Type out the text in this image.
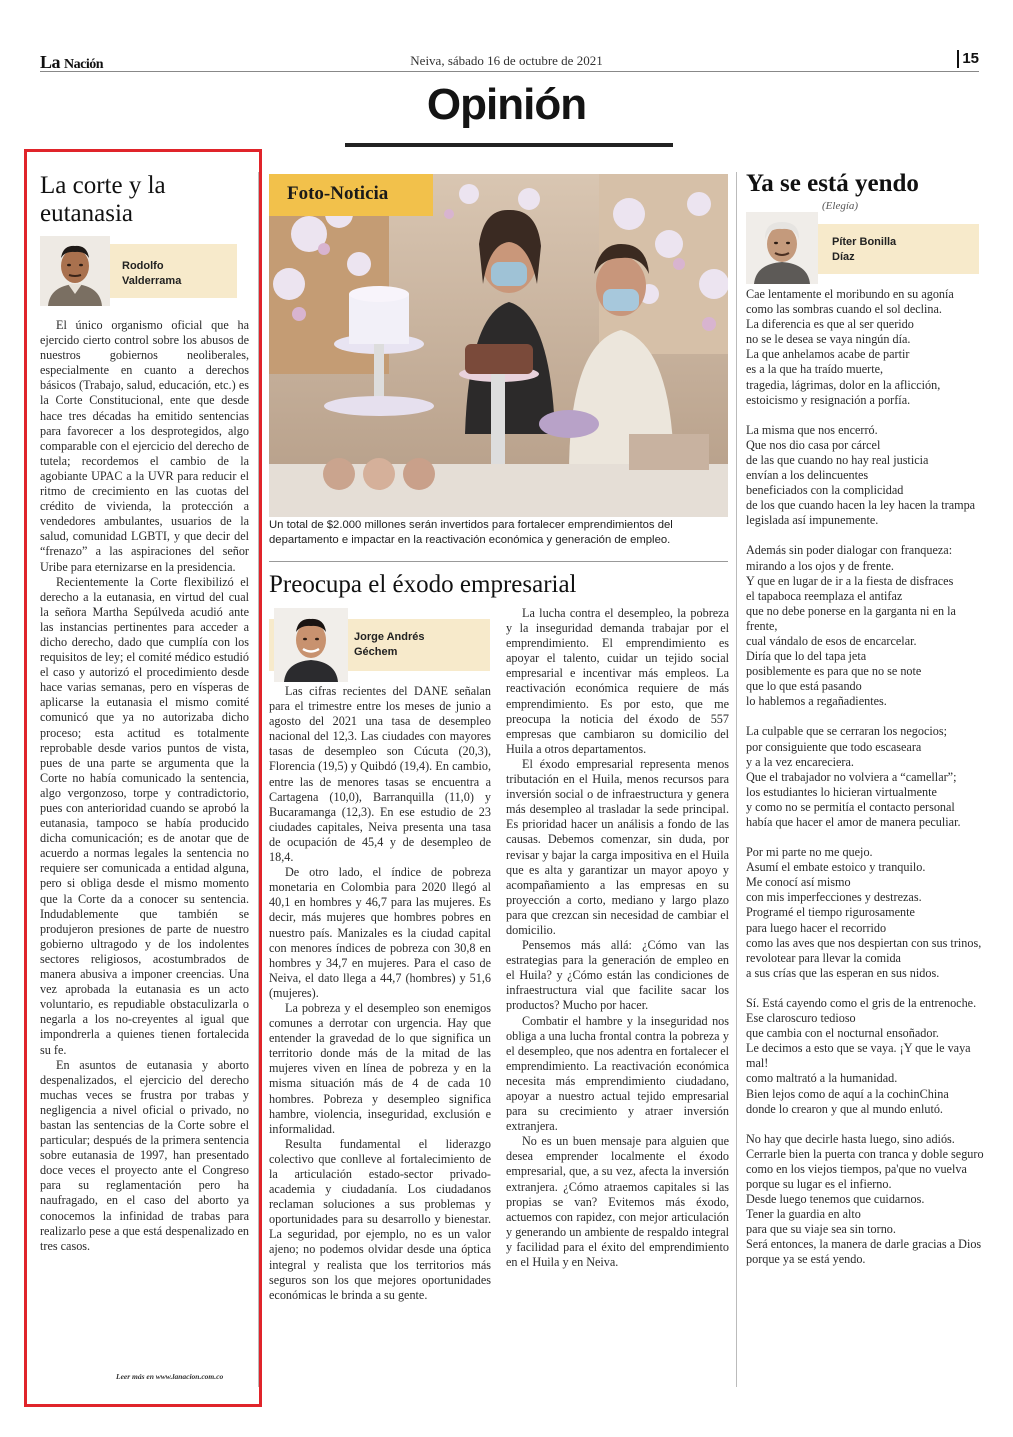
La Nación	Neiva, sábado 16 de octubre de 2021	15
Opinión
La corte y la eutanasia
Rodolfo
Valderrama

El único organismo oficial que ha ejercido cierto control sobre los abusos de nuestros gobiernos neoliberales, especialmente en cuanto a derechos básicos (Trabajo, salud, educación, etc.) es la Corte Constitucional, ente que desde hace tres décadas ha emitido sentencias para favorecer a los desprotegidos, algo comparable con el ejercicio del derecho de tutela; recordemos el cambio de la agobiante UPAC a la UVR para reducir el ritmo de crecimiento en las cuotas del crédito de vivienda, la protección a vendedores ambulantes, usuarios de la salud, comunidad LGBTI, y que decir del “frenazo” a las aspiraciones del señor Uribe para eternizarse en la presidencia.

Recientemente la Corte flexibilizó el derecho a la eutanasia, en virtud del cual la señora Martha Sepúlveda acudió ante las instancias pertinentes para acceder a dicho derecho, dado que cumplía con los requisitos de ley; el comité médico estudió el caso y autorizó el procedimiento desde hace varias semanas, pero en vísperas de aplicarse la eutanasia el mismo comité comunicó que ya no autorizaba dicho proceso; esta actitud es totalmente reprobable desde varios puntos de vista, pues de una parte se argumenta que la Corte no había comunicado la sentencia, algo vergonzoso, torpe y contradictorio, pues con anterioridad cuando se aprobó la eutanasia, tampoco se había producido dicha comunicación; es de anotar que de acuerdo a normas legales la sentencia no requiere ser comunicada a entidad alguna, pero si obliga desde el mismo momento que la Corte da a conocer su sentencia. Indudablemente que también se produjeron presiones de parte de nuestro gobierno ultragodo y de los indolentes sectores religiosos, acostumbrados de manera abusiva a imponer creencias. Una vez aprobada la eutanasia es un acto voluntario, es repudiable obstaculizarla o negarla a los no-creyentes al igual que impondrerla a quienes tienen fortalecida su fe.

En asuntos de eutanasia y aborto despenalizados, el ejercicio del derecho muchas veces se frustra por trabas y negligencia a nivel oficial o privado, no bastan las sentencias de la Corte sobre el particular; después de la primera sentencia sobre eutanasia de 1997, han presentado doce veces el proyecto ante el Congreso para su reglamentación pero ha naufragado, en el caso del aborto ya conocemos la infinidad de trabas para realizarlo pese a que está despenalizado en tres casos.

Leer más en www.lanacion.com.co
Foto-Noticia
Un total de $2.000 millones serán invertidos para fortalecer emprendimientos del departamento e impactar en la reactivación económica y generación de empleo.
Preocupa el éxodo empresarial
Jorge Andrés
Géchem

Las cifras recientes del DANE señalan para el trimestre entre los meses de junio a agosto del 2021 una tasa de desempleo nacional del 12,3. Las ciudades con mayores tasas de desempleo son Cúcuta (20,3), Florencia (19,5) y Quibdó (19,4). En cambio, entre las de menores tasas se encuentra a Cartagena (10,0), Barranquilla (11,0) y Bucaramanga (12,3). En ese estudio de 23 ciudades capitales, Neiva presenta una tasa de ocupación de 45,4 y de desempleo de 18,4.

De otro lado, el índice de pobreza monetaria en Colombia para 2020 llegó al 40,1 en hombres y 46,7 para las mujeres. Es decir, más mujeres que hombres pobres en nuestro país. Manizales es la ciudad capital con menores índices de pobreza con 30,8 en hombres y 34,7 en mujeres. Para el caso de Neiva, el dato llega a 44,7 (hombres) y 51,6 (mujeres).

La pobreza y el desempleo son enemigos comunes a derrotar con urgencia. Hay que entender la gravedad de lo que significa un territorio donde más de la mitad de las mujeres viven en línea de pobreza y en la misma situación más de 4 de cada 10 hombres. Pobreza y desempleo significa hambre, violencia, inseguridad, exclusión e informalidad.

Resulta fundamental el liderazgo colectivo que conlleve al fortalecimiento de la articulación estado-sector privado-academia y ciudadanía. Los ciudadanos reclaman soluciones a sus problemas y oportunidades para su desarrollo y bienestar. La seguridad, por ejemplo, no es un valor ajeno; no podemos olvidar desde una óptica integral y realista que los territorios más seguros son los que mejores oportunidades económicas le brinda a su gente.

La lucha contra el desempleo, la pobreza y la inseguridad demanda trabajar por el emprendimiento. El emprendimiento es apoyar el talento, cuidar un tejido social empresarial e incentivar más empleos. La reactivación económica requiere de más emprendimiento. Es por esto, que me preocupa la noticia del éxodo de 557 empresas que cambiaron su domicilio del Huila a otros departamentos.

El éxodo empresarial representa menos tributación en el Huila, menos recursos para inversión social o de infraestructura y genera más desempleo al trasladar la sede principal. Es prioridad hacer un análisis a fondo de las causas. Debemos comenzar, sin duda, por revisar y bajar la carga impositiva en el Huila que es alta y garantizar un mayor apoyo y acompañamiento a las empresas en su proyección a corto, mediano y largo plazo para que crezcan sin necesidad de cambiar el domicilio.

Pensemos más allá: ¿Cómo van las estrategias para la generación de empleo en el Huila? y ¿Cómo están las condiciones de infraestructura vial que facilite sacar los productos? Mucho por hacer.

Combatir el hambre y la inseguridad nos obliga a una lucha frontal contra la pobreza y el desempleo, que nos adentra en fortalecer el emprendimiento. La reactivación económica necesita más emprendimiento ciudadano, apoyar a nuestro actual tejido empresarial para su crecimiento y atraer inversión extranjera.

No es un buen mensaje para alguien que desea emprender localmente el éxodo empresarial, que, a su vez, afecta la inversión extranjera. ¿Cómo atraemos capitales si las propias se van? Evitemos más éxodo, actuemos con rapidez, con mejor articulación y generando un ambiente de respaldo integral y facilidad para el éxito del emprendimiento en el Huila y en Neiva.

Ya se está yendo
(Elegía)
Píter Bonilla
Díaz
Cae lentamente el moribundo en su agonía
como las sombras cuando el sol declina.
La diferencia es que al ser querido
no se le desea se vaya ningún día.
La que anhelamos acabe de partir
es a la que ha traído muerte,
tragedia, lágrimas, dolor en la aflicción,
estoicismo y resignación a porfía.
La misma que nos encerró.
Que nos dio casa por cárcel
de las que cuando no hay real justicia
envían a los delincuentes
beneficiados con la complicidad
de los que cuando hacen la ley hacen la trampa
legislada así impunemente.
Además sin poder dialogar con franqueza:
mirando a los ojos y de frente.
Y que en lugar de ir a la fiesta de disfraces
el tapaboca reemplaza el antifaz
que no debe ponerse en la garganta ni en la frente,
cual vándalo de esos de encarcelar.
Diría que lo del tapa jeta
posiblemente es para que no se note
que lo que está pasando
lo hablemos a regañadientes.
La culpable que se cerraran los negocios;
por consiguiente que todo escaseara
y a la vez encareciera.
Que el trabajador no volviera a “camellar”;
los estudiantes lo hicieran virtualmente
y como no se permitía el contacto personal
había que hacer el amor de manera peculiar.
Por mi parte no me quejo.
Asumí el embate estoico y tranquilo.
Me conocí así mismo
con mis imperfecciones y destrezas.
Programé el tiempo rigurosamente
para luego hacer el recorrido
como las aves que nos despiertan con sus trinos,
revolotear para llevar la comida
a sus crías que las esperan en sus nidos.
Sí. Está cayendo como el gris de la entrenoche.
Ese claroscuro tedioso
que cambia con el nocturnal ensoñador.
Le decimos a esto que se vaya. ¡Y que le vaya mal!
como maltrató a la humanidad.
Bien lejos como de aquí a la cochinChina
donde lo crearon y que al mundo enlutó.
No hay que decirle hasta luego, sino adiós.
Cerrarle bien la puerta con tranca y doble seguro
como en los viejos tiempos, pa'que no vuelva
porque su lugar es el infierno.
Desde luego tenemos que cuidarnos.
Tener la guardia en alto
para que su viaje sea sin torno.
Será entonces, la manera de darle gracias a Dios
porque ya se está yendo.
